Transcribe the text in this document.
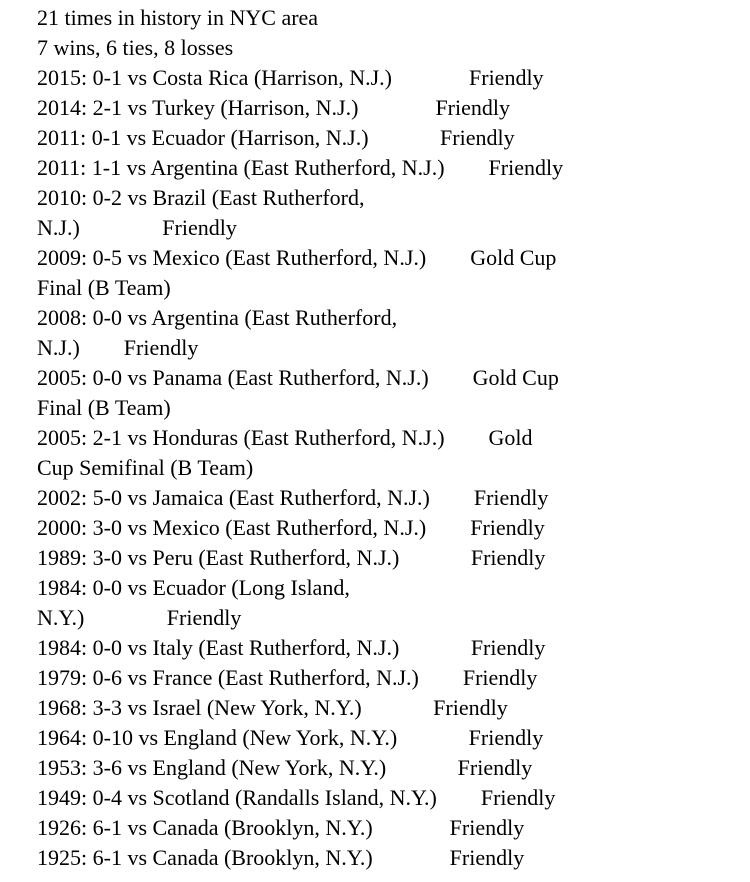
21 times in history in NYC area
7 wins, 6 ties, 8 losses
2015: 0-1 vs Costa Rica (Harrison, N.J.)              Friendly
2014: 2-1 vs Turkey (Harrison, N.J.)              Friendly
2011: 0-1 vs Ecuador (Harrison, N.J.)             Friendly
2011: 1-1 vs Argentina (East Rutherford, N.J.)        Friendly
2010: 0-2 vs Brazil (East Rutherford,
N.J.)               Friendly
2009: 0-5 vs Mexico (East Rutherford, N.J.)        Gold Cup
Final (B Team)
2008: 0-0 vs Argentina (East Rutherford,
N.J.)        Friendly
2005: 0-0 vs Panama (East Rutherford, N.J.)        Gold Cup
Final (B Team)
2005: 2-1 vs Honduras (East Rutherford, N.J.)        Gold
Cup Semifinal (B Team)
2002: 5-0 vs Jamaica (East Rutherford, N.J.)        Friendly
2000: 3-0 vs Mexico (East Rutherford, N.J.)        Friendly
1989: 3-0 vs Peru (East Rutherford, N.J.)             Friendly
1984: 0-0 vs Ecuador (Long Island,
N.Y.)               Friendly
1984: 0-0 vs Italy (East Rutherford, N.J.)             Friendly
1979: 0-6 vs France (East Rutherford, N.J.)        Friendly
1968: 3-3 vs Israel (New York, N.Y.)             Friendly
1964: 0-10 vs England (New York, N.Y.)             Friendly
1953: 3-6 vs England (New York, N.Y.)             Friendly
1949: 0-4 vs Scotland (Randalls Island, N.Y.)        Friendly
1926: 6-1 vs Canada (Brooklyn, N.Y.)              Friendly
1925: 6-1 vs Canada (Brooklyn, N.Y.)              Friendly
